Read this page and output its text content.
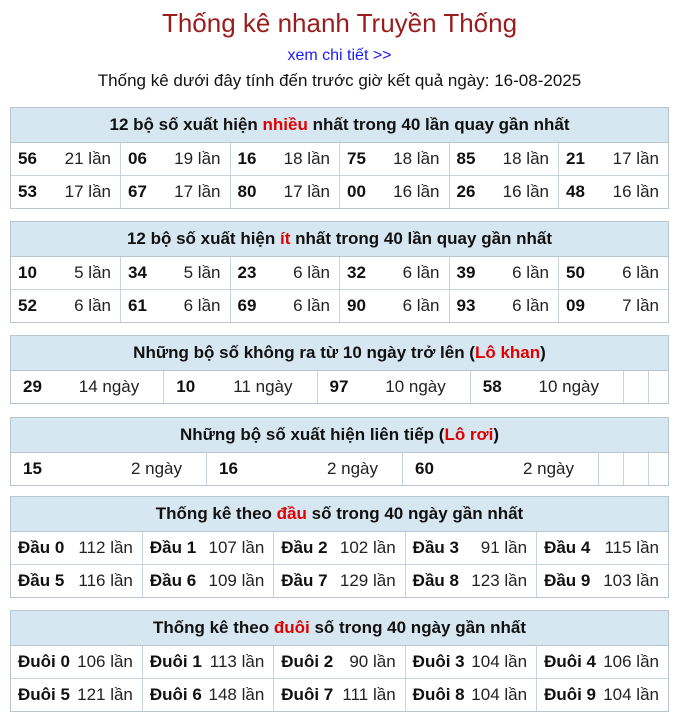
Thống kê nhanh Truyền Thống
xem chi tiết >>
Thống kê dưới đây tính đến trước giờ kết quả ngày: 16-08-2025
12 bộ số xuất hiện nhiều nhất trong 40 lần quay gần nhất
56 21 lần	06 19 lần	16 18 lần	75 18 lần	85 18 lần	21 17 lần

53 17 lần	67 17 lần	80 17 lần	00 16 lần	26 16 lần	48 16 lần
12 bộ số xuất hiện ít nhất trong 40 lần quay gần nhất
10 5 lần	34 5 lần	23 6 lần	32 6 lần	39 6 lần	50 6 lần

52 6 lần	61 6 lần	69 6 lần	90 6 lần	93 6 lần	09 7 lần
Những bộ số không ra từ 10 ngày trở lên (Lô khan)
29 14 ngày	10 11 ngày	97 10 ngày	58 10 ngày

Những bộ số xuất hiện liên tiếp (Lô rơi)
15	2 ngày	16	2 ngày	60	2 ngày

Thống kê theo đầu số trong 40 ngày gần nhất
Đầu 0 112 lần	Đầu 1 107 lần	Đầu 2 102 lần	Đầu 3 91 lần	Đầu 4 115 lần

Đầu 5 116 lần	Đầu 6 109 lần	Đầu 7 129 lần	Đầu 8 123 lần	Đầu 9 103 lần
Thống kê theo đuôi số trong 40 ngày gần nhất
Đuôi 0 106 lần	Đuôi 1 113 lần	Đuôi 2 90 lần	Đuôi 3 104 lần	Đuôi 4 106 lần

Đuôi 5 121 lần	Đuôi 6 148 lần	Đuôi 7 111 lần	Đuôi 8 104 lần	Đuôi 9 104 lần
